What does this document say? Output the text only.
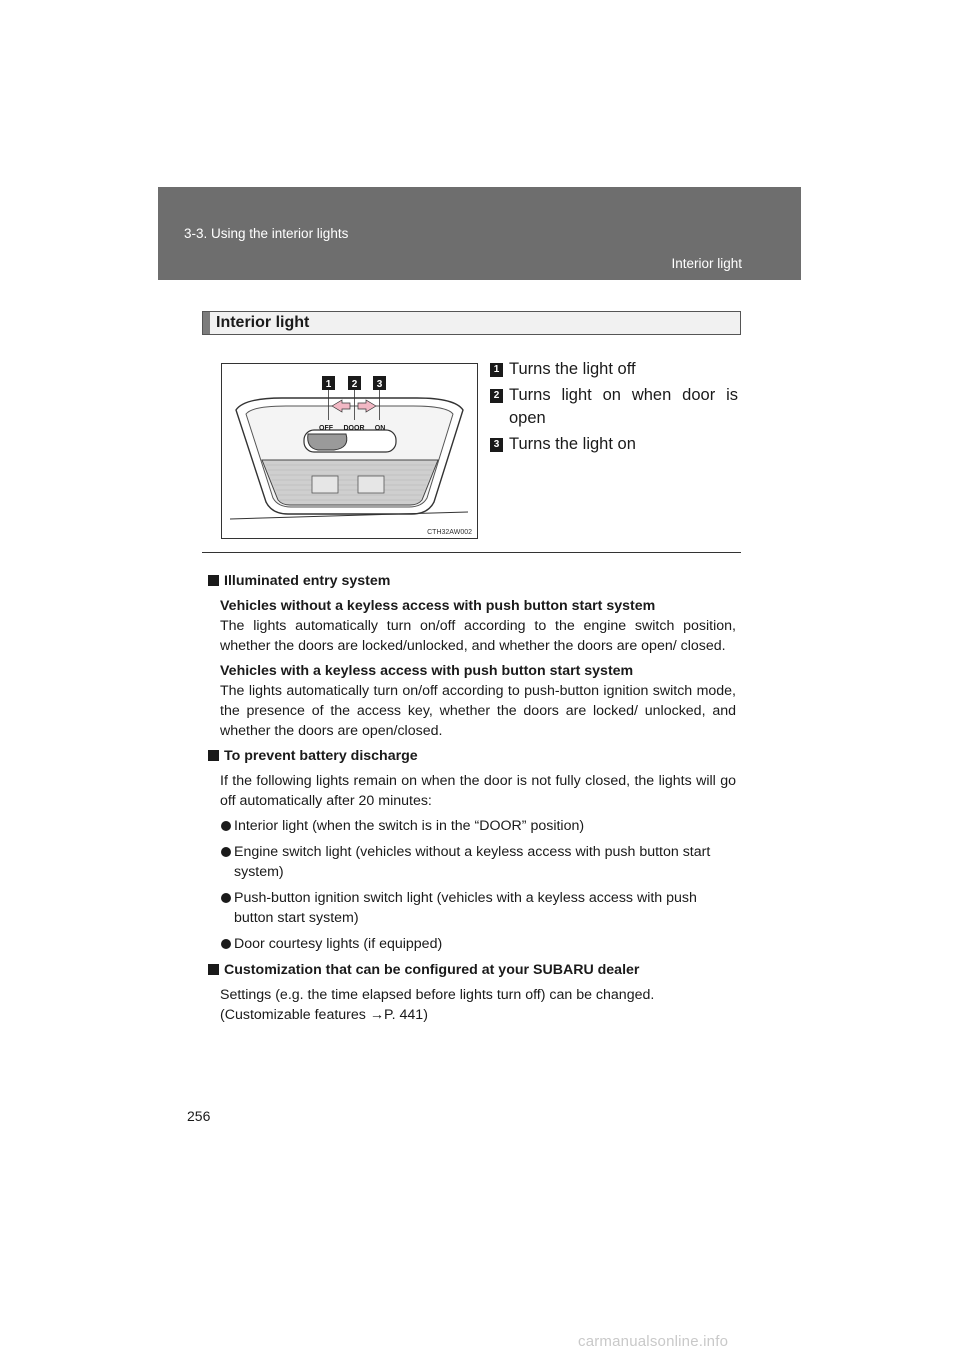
3-3. Using the interior lights
Interior light
Interior light
1 2 3
OFF DOOR ON
CTH32AW002
1 Turns the light off
2 Turns light on when door is open
3 Turns the light on
Illuminated entry system
Vehicles without a keyless access with push button start system
The lights automatically turn on/off according to the engine switch position, whether the doors are locked/unlocked, and whether the doors are open/ closed.
Vehicles with a keyless access with push button start system
The lights automatically turn on/off according to push-button ignition switch mode, the presence of the access key, whether the doors are locked/ unlocked, and whether the doors are open/closed.
To prevent battery discharge
If the following lights remain on when the door is not fully closed, the lights will go off automatically after 20 minutes:
Interior light (when the switch is in the “DOOR” position)
Engine switch light (vehicles without a keyless access with push button start system)
Push-button ignition switch light (vehicles with a keyless access with push button start system)
Door courtesy lights (if equipped)
Customization that can be configured at your SUBARU dealer
Settings (e.g. the time elapsed before lights turn off) can be changed.
(Customizable features →P. 441)
256
carmanualsonline.info
